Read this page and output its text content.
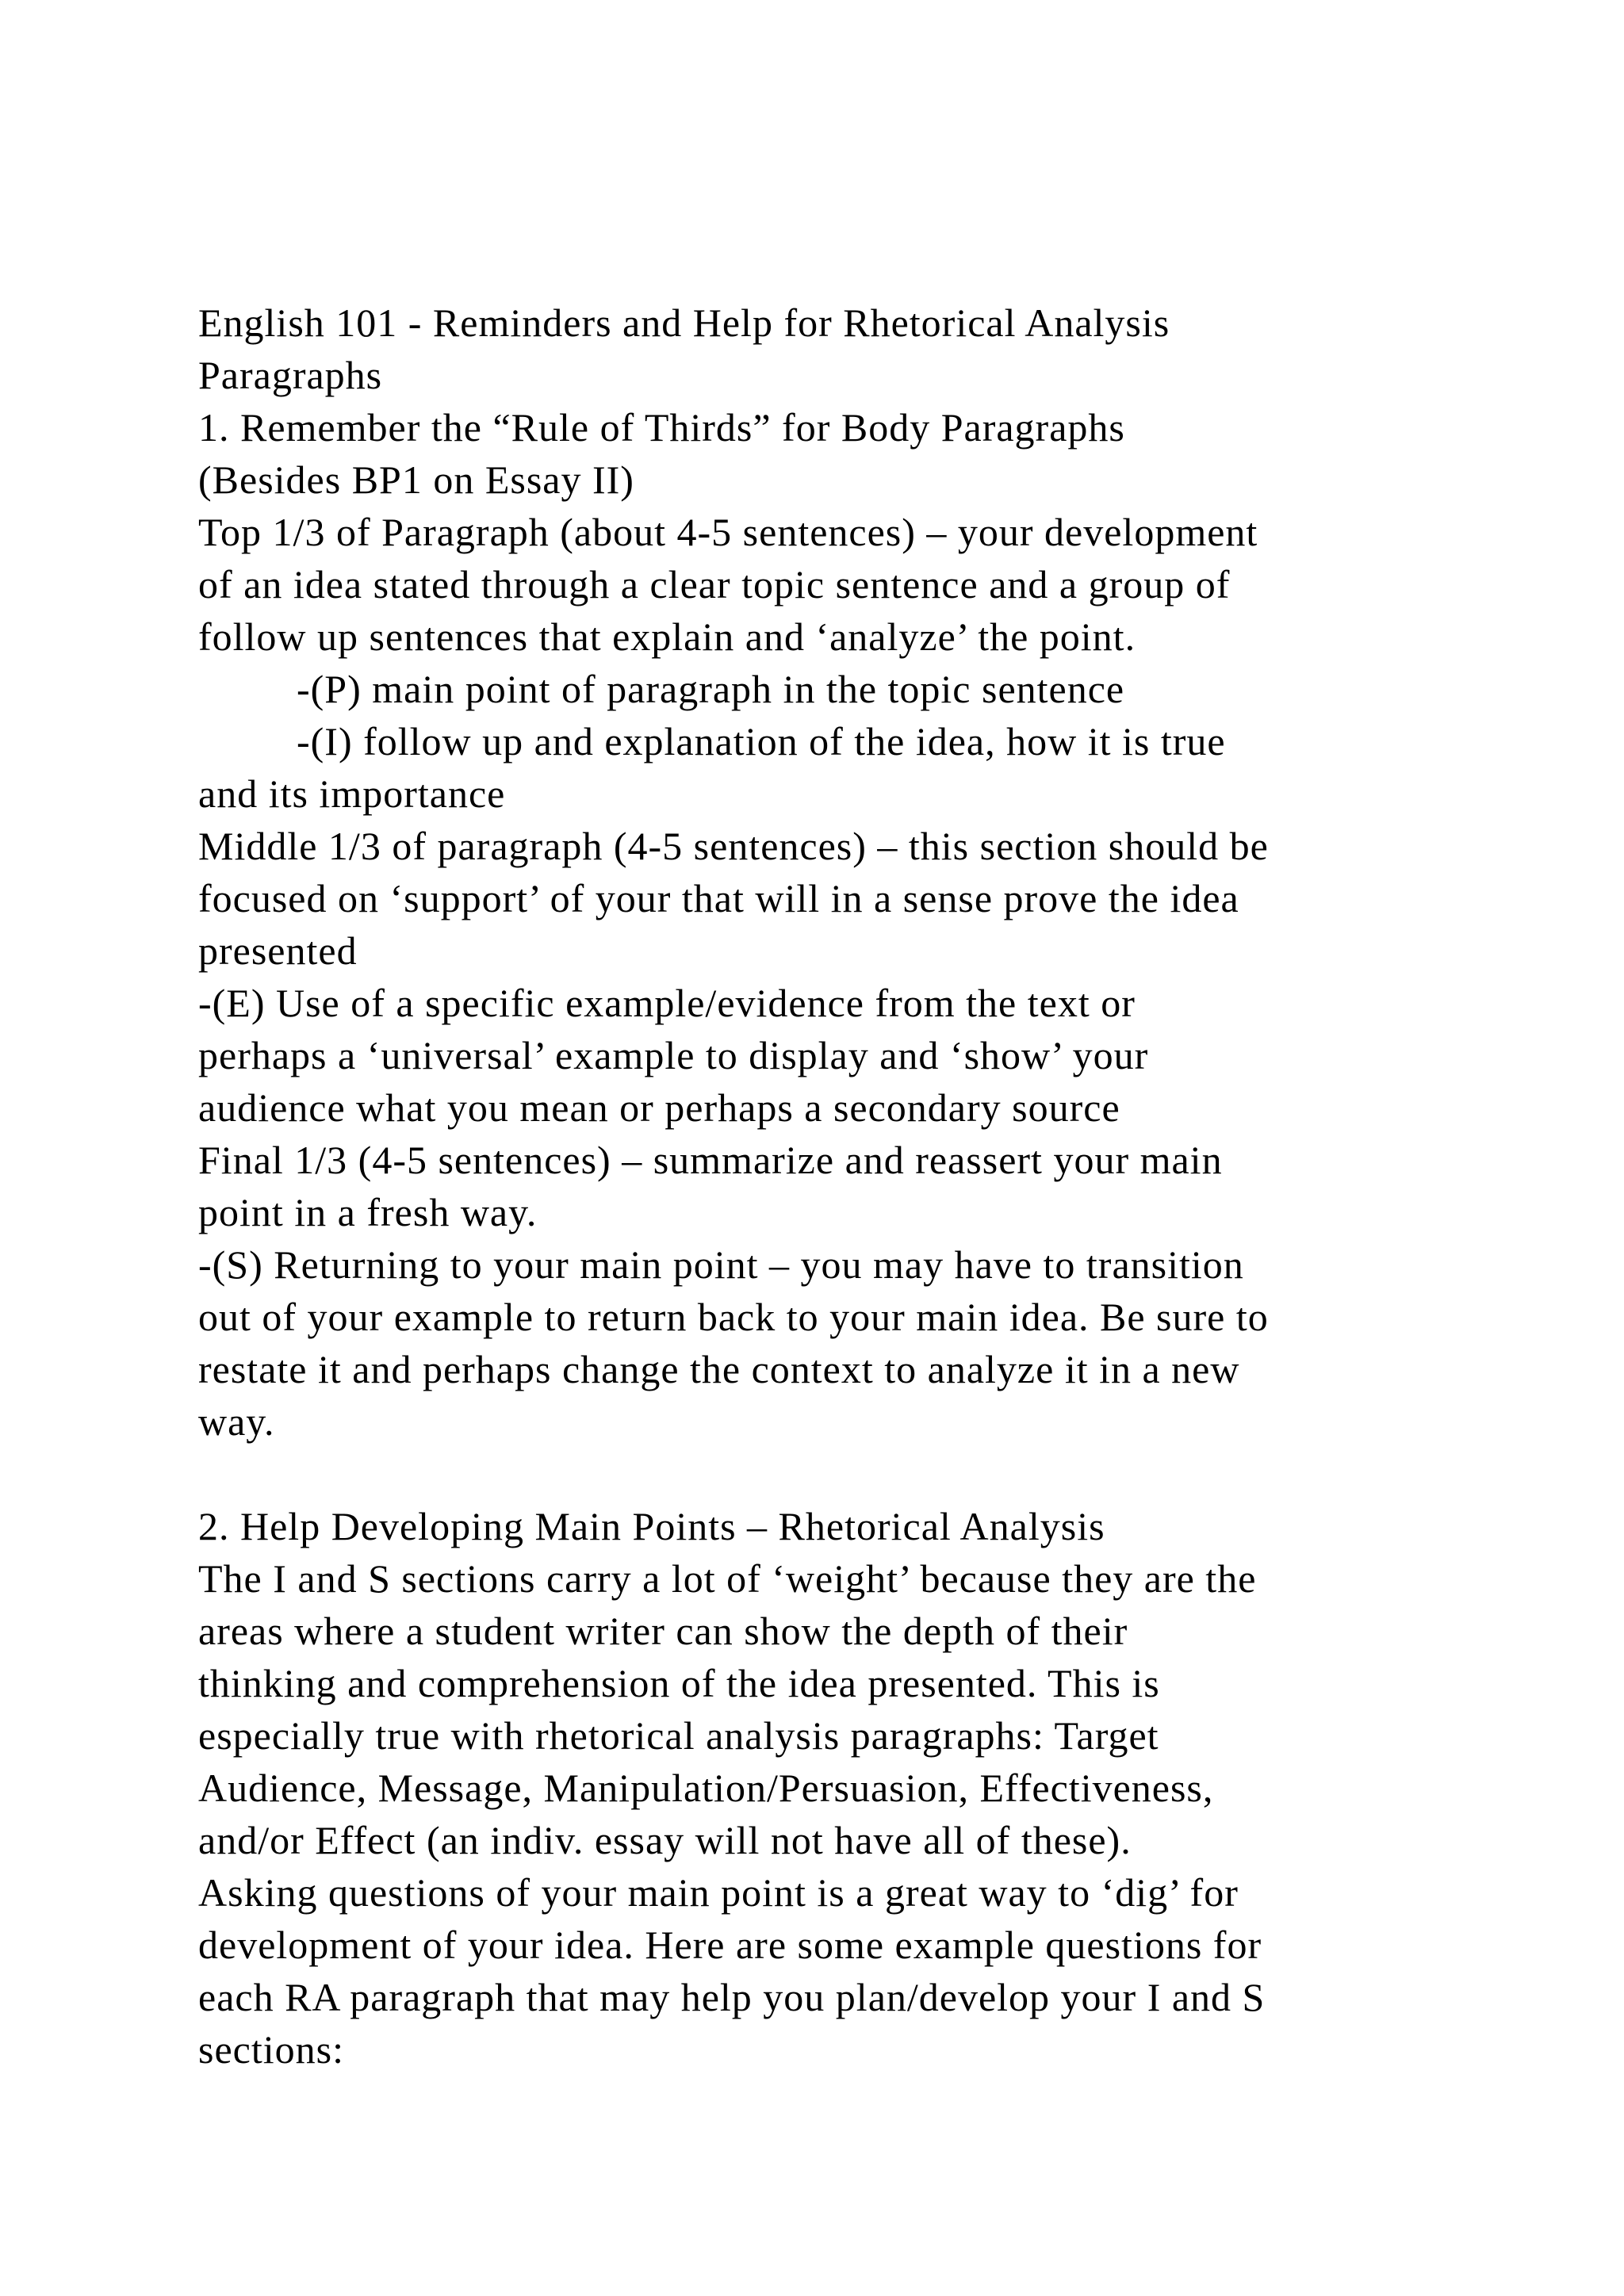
English 101 - Reminders and Help for Rhetorical Analysis
Paragraphs
1. Remember the “Rule of Thirds” for Body Paragraphs
(Besides BP1 on Essay II)
Top 1/3 of Paragraph (about 4-5 sentences) – your development
of an idea stated through a clear topic sentence and a group of
follow up sentences that explain and ‘analyze’ the point.
-(P) main point of paragraph in the topic sentence
-(I) follow up and explanation of the idea, how it is true
and its importance
Middle 1/3 of paragraph (4-5 sentences) – this section should be
focused on ‘support’ of your that will in a sense prove the idea
presented
-(E) Use of a specific example/evidence from the text or
perhaps a ‘universal’ example to display and ‘show’ your
audience what you mean or perhaps a secondary source
Final 1/3 (4-5 sentences) – summarize and reassert your main
point in a fresh way.
-(S) Returning to your main point – you may have to transition
out of your example to return back to your main idea. Be sure to
restate it and perhaps change the context to analyze it in a new
way.
2. Help Developing Main Points – Rhetorical Analysis
The I and S sections carry a lot of ‘weight’ because they are the
areas where a student writer can show the depth of their
thinking and comprehension of the idea presented. This is
especially true with rhetorical analysis paragraphs: Target
Audience, Message, Manipulation/Persuasion, Effectiveness,
and/or Effect (an indiv. essay will not have all of these).
Asking questions of your main point is a great way to ‘dig’ for
development of your idea. Here are some example questions for
each RA paragraph that may help you plan/develop your I and S
sections:
